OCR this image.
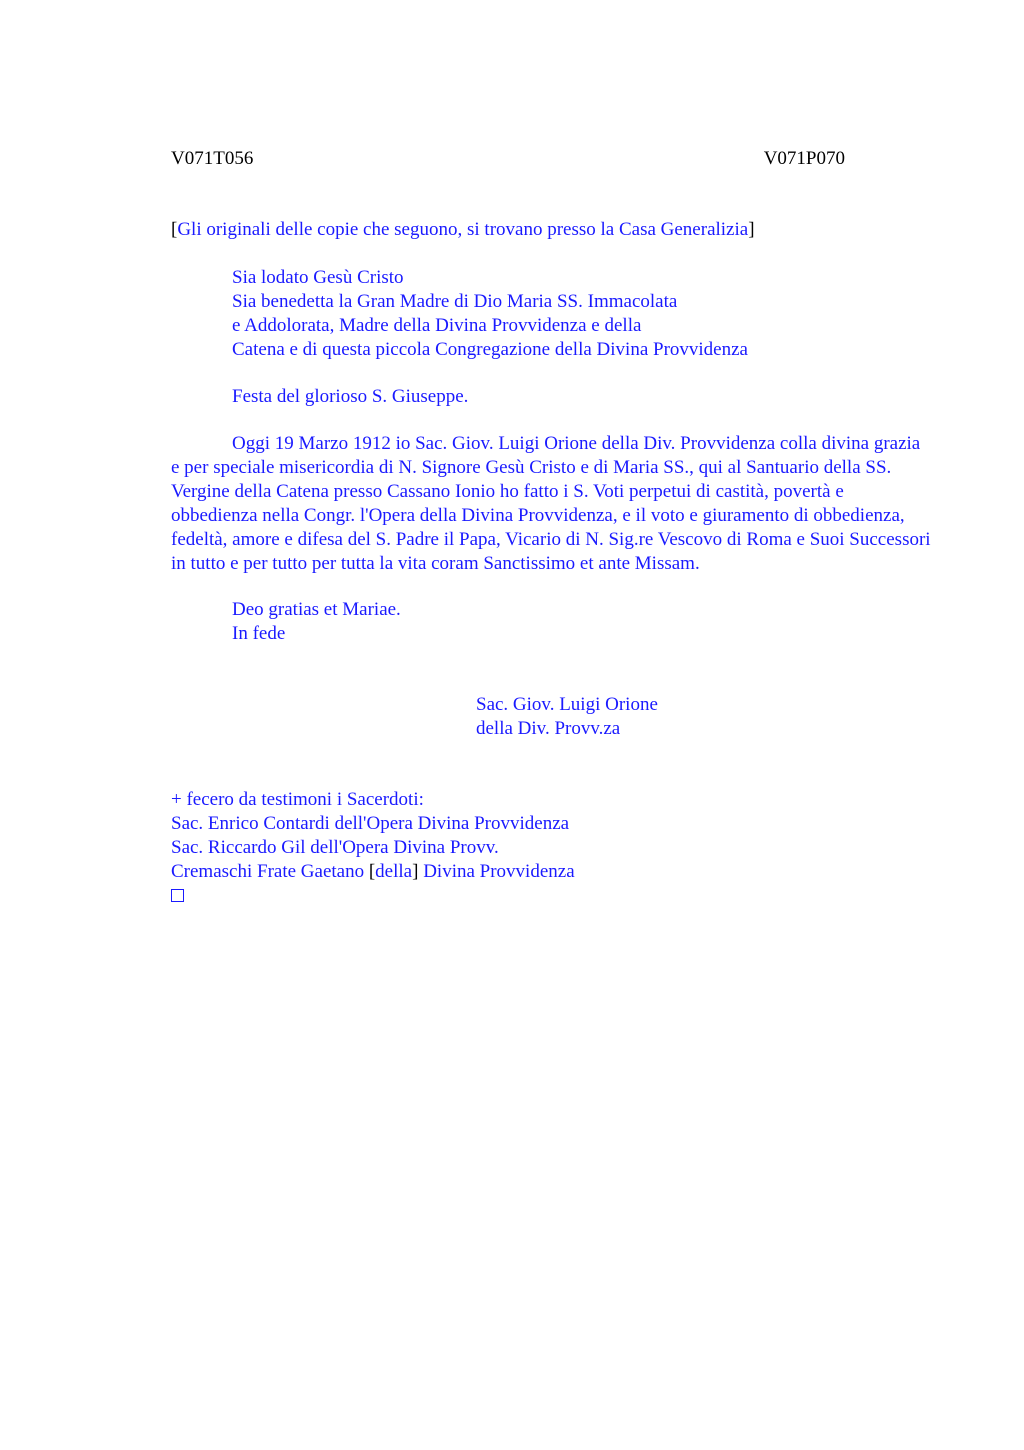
V071T056	V071P070
[Gli originali delle copie che seguono, si trovano presso la Casa Generalizia]
Sia lodato Gesù Cristo
Sia benedetta la Gran Madre di Dio Maria SS. Immacolata
e Addolorata, Madre della Divina Provvidenza e della
Catena e di questa piccola Congregazione della Divina Provvidenza
Festa del glorioso S. Giuseppe.

Oggi 19 Marzo 1912 io Sac. Giov. Luigi Orione della Div. Provvidenza colla divina grazia e per speciale misericordia di N. Signore Gesù Cristo e di Maria SS., qui al Santuario della SS. Vergine della Catena presso Cassano Ionio ho fatto i S. Voti perpetui di castità, povertà e obbedienza nella Congr. l'Opera della Divina Provvidenza, e il voto e giuramento di obbedienza, fedeltà, amore e difesa del S. Padre il Papa, Vicario di N. Sig.re Vescovo di Roma e Suoi Successori in tutto e per tutto per tutta la vita coram Sanctissimo et ante Missam.

Deo gratias et Mariae.
In fede
Sac. Giov. Luigi Orione
della Div. Provv.za
+ fecero da testimoni i Sacerdoti:
Sac. Enrico Contardi dell'Opera Divina Provvidenza
Sac. Riccardo Gil dell'Opera Divina Provv.
Cremaschi Frate Gaetano [della] Divina Provvidenza
